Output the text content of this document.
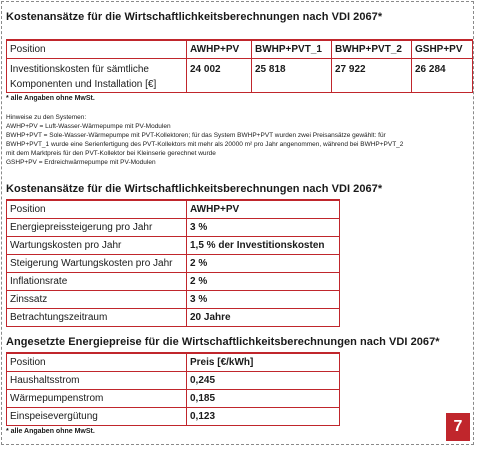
Kostenansätze für die Wirtschaftlichkeitsberechnungen nach VDI 2067*
Position	AWHP+PV	BWHP+PVT_1	BWHP+PVT_2	GSHP+PV
Investitionskosten für sämtliche
Komponenten und Installation [€]	24 002	25 818	27 922	26 284
* alle Angaben ohne MwSt.
Hinweise zu den Systemen:
AWHP+PV = Luft-Wasser-Wärmepumpe mit PV-Modulen
BWHP+PVT = Sole-Wasser-Wärmepumpe mit PVT-Kollektoren; für das System BWHP+PVT wurden zwei Preisansätze gewählt: für
BWHP+PVT_1 wurde eine Serienfertigung des PVT-Kollektors mit mehr als 20000 m² pro Jahr angenommen, während bei BWHP+PVT_2
mit dem Marktpreis für den PVT-Kollektor bei Kleinserie gerechnet wurde
GSHP+PV = Erdreichwärmepumpe mit PV-Modulen
Kostenansätze für die Wirtschaftlichkeitsberechnungen nach VDI 2067*
Position	AWHP+PV
Energiepreissteigerung pro Jahr	3 %
Wartungskosten pro Jahr	1,5 % der Investitionskosten
Steigerung Wartungskosten pro Jahr	2 %
Inflationsrate	2 %
Zinssatz	3 %
Betrachtungszeitraum	20 Jahre
Angesetzte Energiepreise für die Wirtschaftlichkeitsberechnungen nach VDI 2067*
Position	Preis [€/kWh]
Haushaltsstrom	0,245
Wärmepumpenstrom	0,185
Einspeisevergütung	0,123
* alle Angaben ohne MwSt.	7
